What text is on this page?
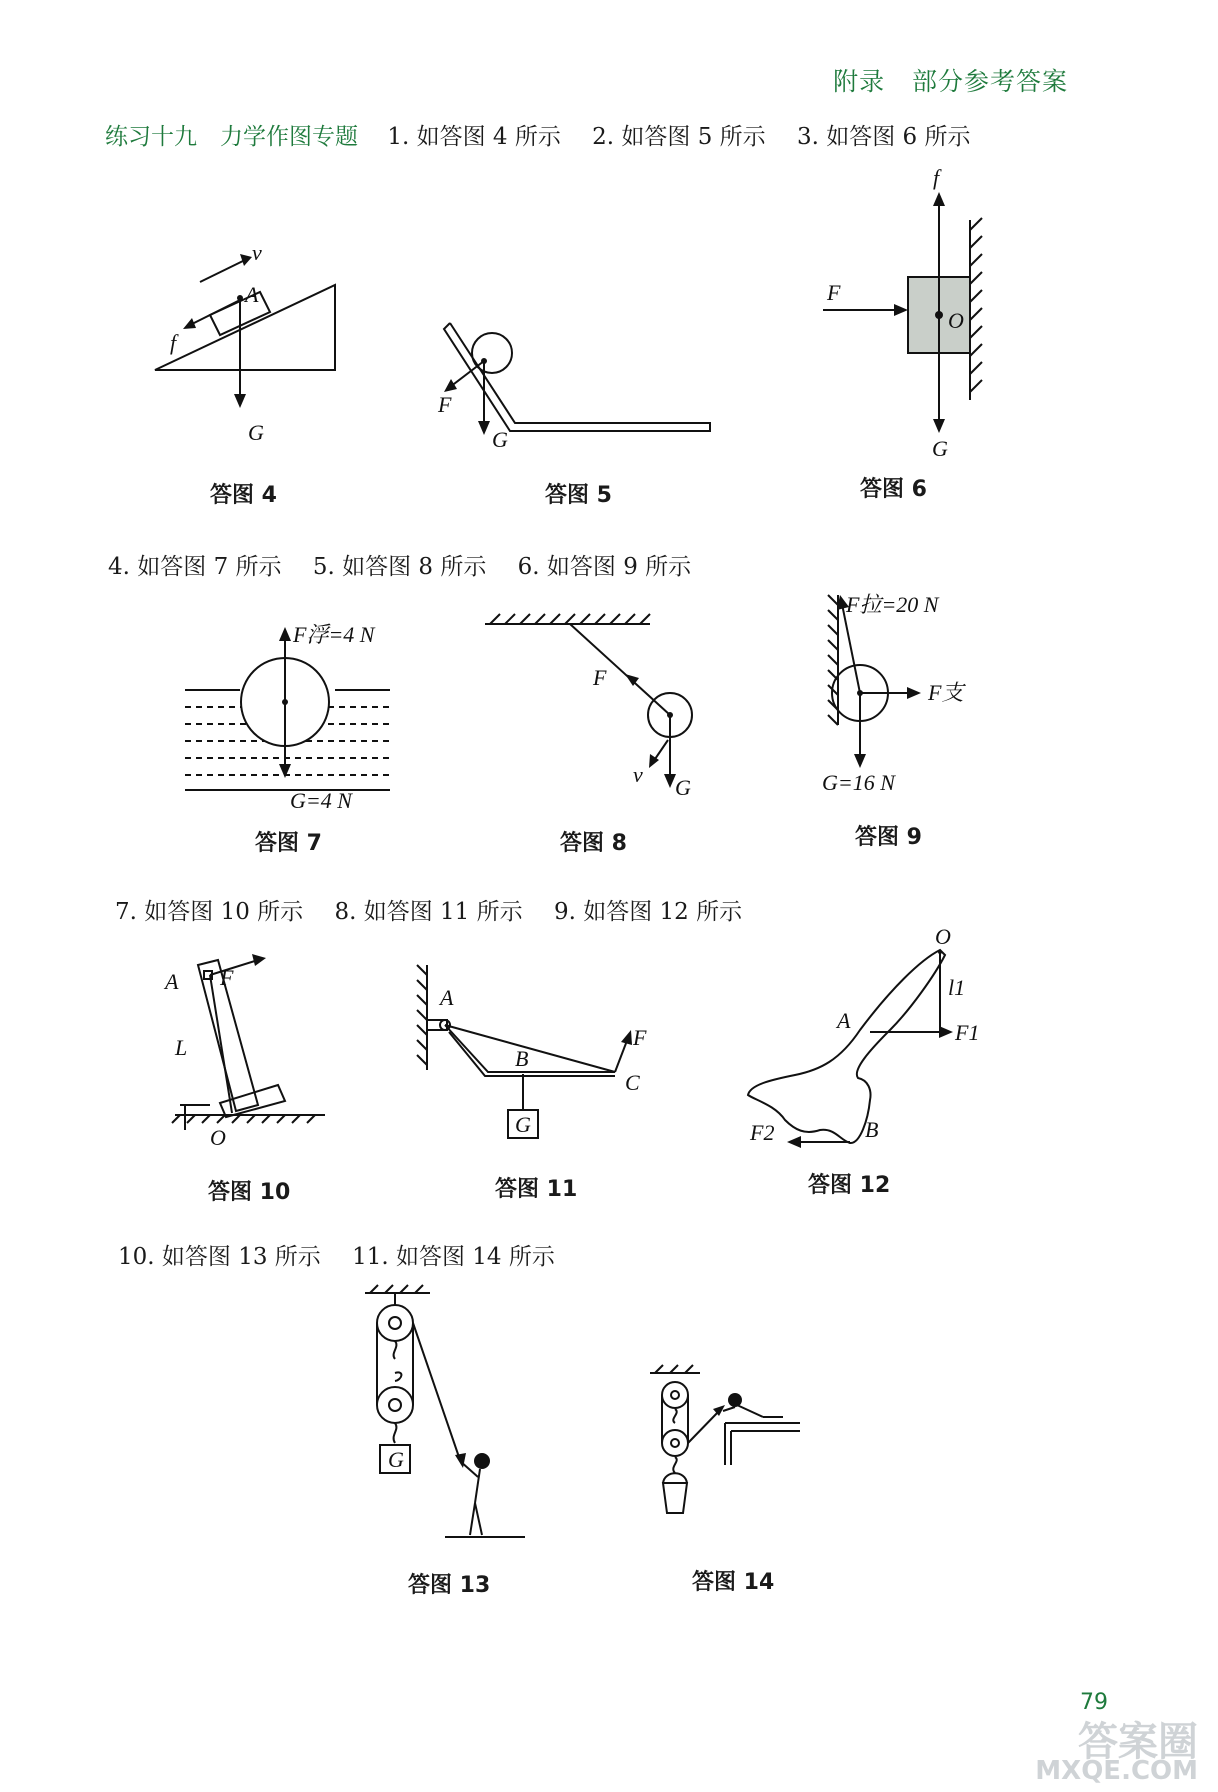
附录 部分参考答案
练习十九　力学作图专题 1. 如答图 4 所示 2. 如答图 5 所示 3. 如答图 6 所示
v
A
f
G
答图 4
F
G
答图 5
f
F
O
G
答图 6
4. 如答图 7 所示 5. 如答图 8 所示 6. 如答图 9 所示
F浮=4 N
G=4 N
答图 7
F
v
G
答图 8
F拉=20 N
F支
G=16 N
答图 9
7. 如答图 10 所示 8. 如答图 11 所示 9. 如答图 12 所示
A F
L
O
答图 10
A
B
C
F
G
答图 11
O
l1
A	F1
F2	B
答图 12
10. 如答图 13 所示 11. 如答图 14 所示
G
答图 13	答图 14
79
答案圈
MXQE.COM
